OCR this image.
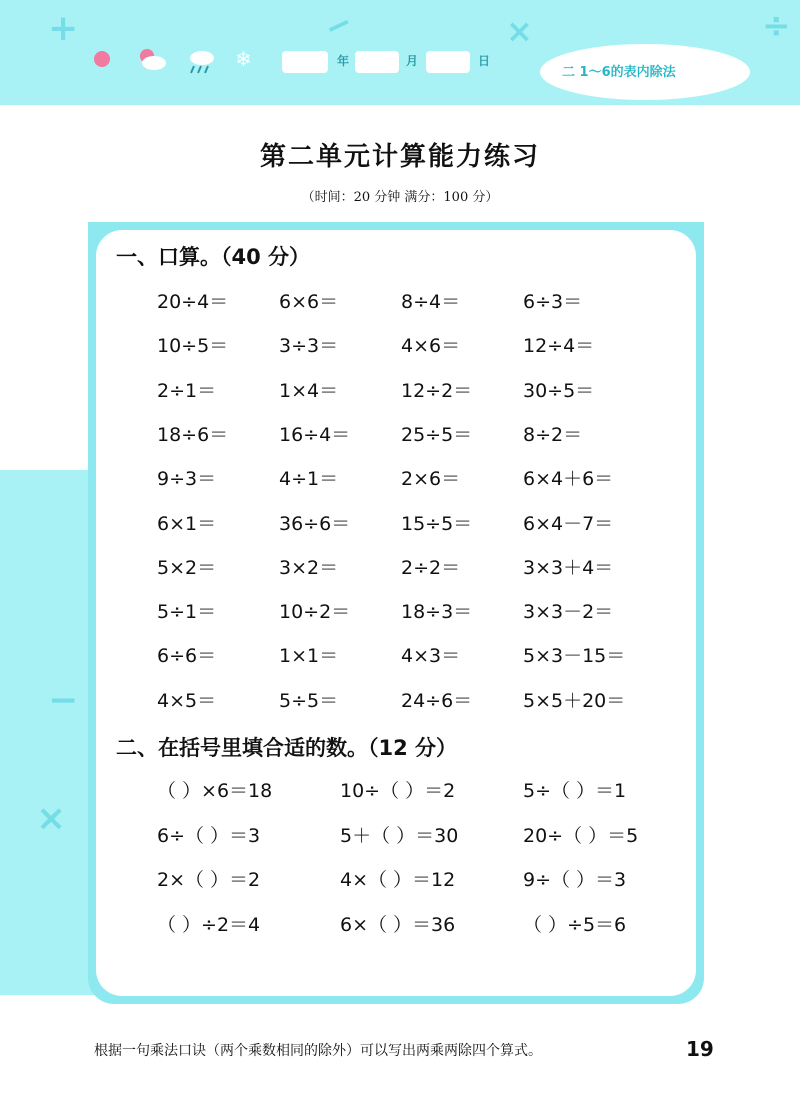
+	−	×	÷
−
×
❄	年	月	日
二 1～6的表内除法
第二单元计算能力练习
（时间：20 分钟 满分：100 分）
一、口算。（40 分）
20÷4＝	6×6＝	8÷4＝	6÷3＝
10÷5＝	3÷3＝	4×6＝	12÷4＝
2÷1＝	1×4＝	12÷2＝	30÷5＝
18÷6＝	16÷4＝	25÷5＝	8÷2＝
9÷3＝	4÷1＝	2×6＝	6×4＋6＝
6×1＝	36÷6＝	15÷5＝	6×4－7＝
5×2＝	3×2＝	2÷2＝	3×3＋4＝
5÷1＝	10÷2＝	18÷3＝	3×3－2＝
6÷6＝	1×1＝	4×3＝	5×3－15＝
4×5＝	5÷5＝	24÷6＝	5×5＋20＝
二、在括号里填合适的数。（12 分）
（ ）×6＝18	10÷（ ）＝2	5÷（ ）＝1
6÷（ ）＝3	5＋（ ）＝30	20÷（ ）＝5
2×（ ）＝2	4×（ ）＝12	9÷（ ）＝3
（ ）÷2＝4	6×（ ）＝36	（ ）÷5＝6
根据一句乘法口诀（两个乘数相同的除外）可以写出两乘两除四个算式。	19
